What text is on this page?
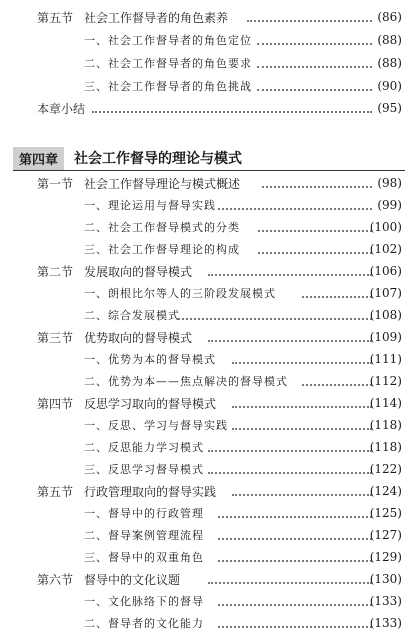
第五节 社会工作督导者的角色素养	(86)
一、社会工作督导者的角色定位	(88)
二、社会工作督导者的角色要求	(88)
三、社会工作督导者的角色挑战	(90)
本章小结	(95)
第四章	社会工作督导的理论与模式
第一节 社会工作督导理论与模式概述	(98)
一、理论运用与督导实践	(99)
二、社会工作督导模式的分类	(100)
三、社会工作督导理论的构成	(102)
第二节 发展取向的督导模式	(106)
一、朗根比尔等人的三阶段发展模式	(107)
二、综合发展模式	(108)
第三节 优势取向的督导模式	(109)
一、优势为本的督导模式	(111)
二、优势为本——焦点解决的督导模式	(112)
第四节 反思学习取向的督导模式	(114)
一、反思、学习与督导实践	(118)
二、反思能力学习模式	(118)
三、反思学习督导模式	(122)
第五节 行政管理取向的督导实践	(124)
一、督导中的行政管理	(125)
二、督导案例管理流程	(127)
三、督导中的双重角色	(129)
第六节 督导中的文化议题	(130)
一、文化脉络下的督导	(133)
二、督导者的文化能力	(133)
